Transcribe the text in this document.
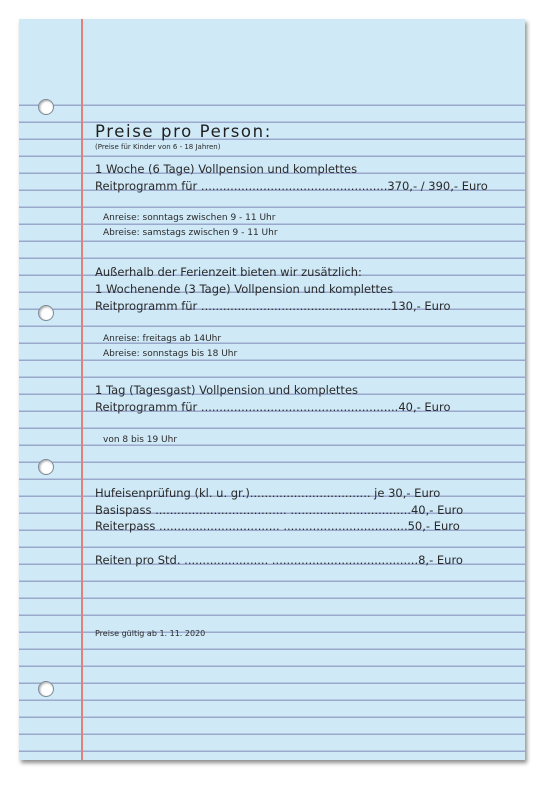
Preise pro Person:

(Preise für Kinder von 6 - 18 Jahren)

1 Woche (6 Tage) Vollpension und komplettes

Reitprogramm für ...................................................370,- / 390,- Euro

Anreise: sonntags zwischen 9 - 11 Uhr

Abreise: samstags zwischen 9 - 11 Uhr

Außerhalb der Ferienzeit bieten wir zusätzlich:

1 Wochenende (3 Tage) Vollpension und komplettes

Reitprogramm für ....................................................130,- Euro

Anreise: freitags ab 14Uhr

Abreise: sonnstags bis 18 Uhr

1 Tag (Tagesgast) Vollpension und komplettes

Reitprogramm für ......................................................40,- Euro

von 8 bis 19 Uhr

Hufeisenprüfung (kl. u. gr.)................................. je 30,- Euro

Basispass .................................... .................................40,- Euro

Reiterpass ................................. ..................................50,- Euro

Reiten pro Std. ....................... ........................................8,- Euro

Preise gültig ab 1. 11. 2020
